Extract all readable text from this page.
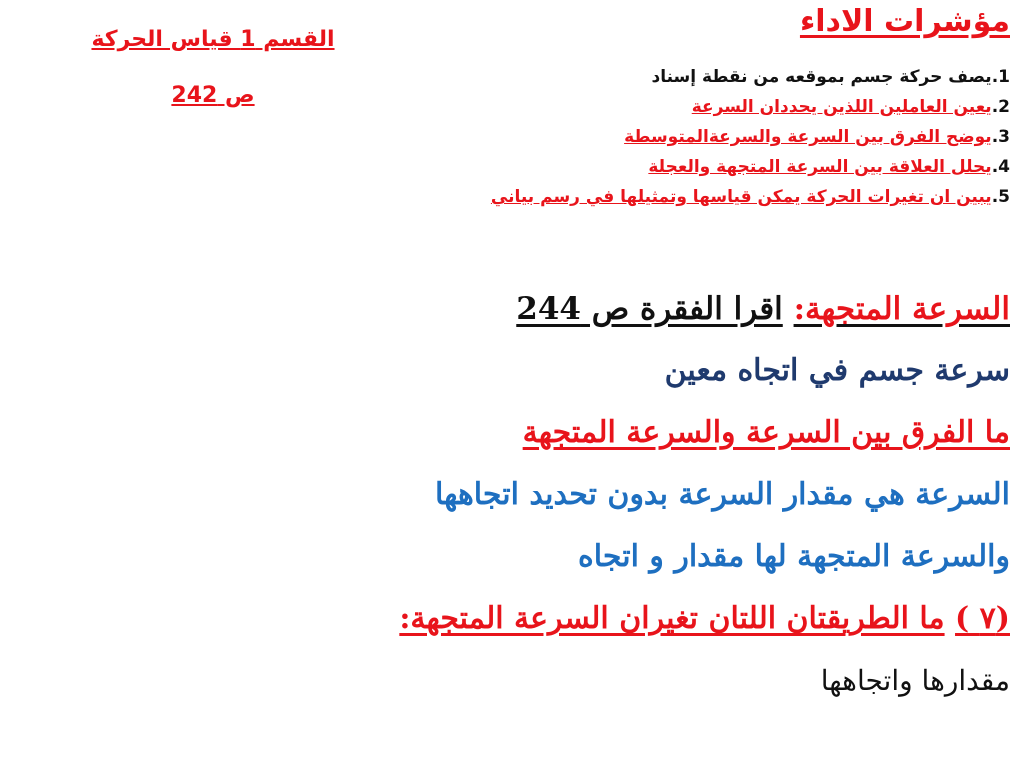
مؤشرات الاداء
القسم 1 قياس الحركة
ص 242
1.يصف حركة جسم بموقعه من نقطة إسناد
2.يعين العاملين اللذين يحددان السرعة
3.يوضح الفرق بين السرعة والسرعةالمتوسطة
4.يحلل العلاقة بين السرعة المتجهة والعجلة
5.يبين ان تغيرات الحركة يمكن قياسها وتمثيلها في رسم بياني
السرعة المتجهة: اقرا الفقرة ص 244
سرعة جسم في اتجاه معين
ما الفرق بين السرعة والسرعة المتجهة
السرعة هي مقدار السرعة بدون تحديد اتجاهها
والسرعة المتجهة لها مقدار و اتجاه
(٧ ) ما الطريقتان اللتان تغيران السرعة المتجهة:
مقدارها واتجاهها
